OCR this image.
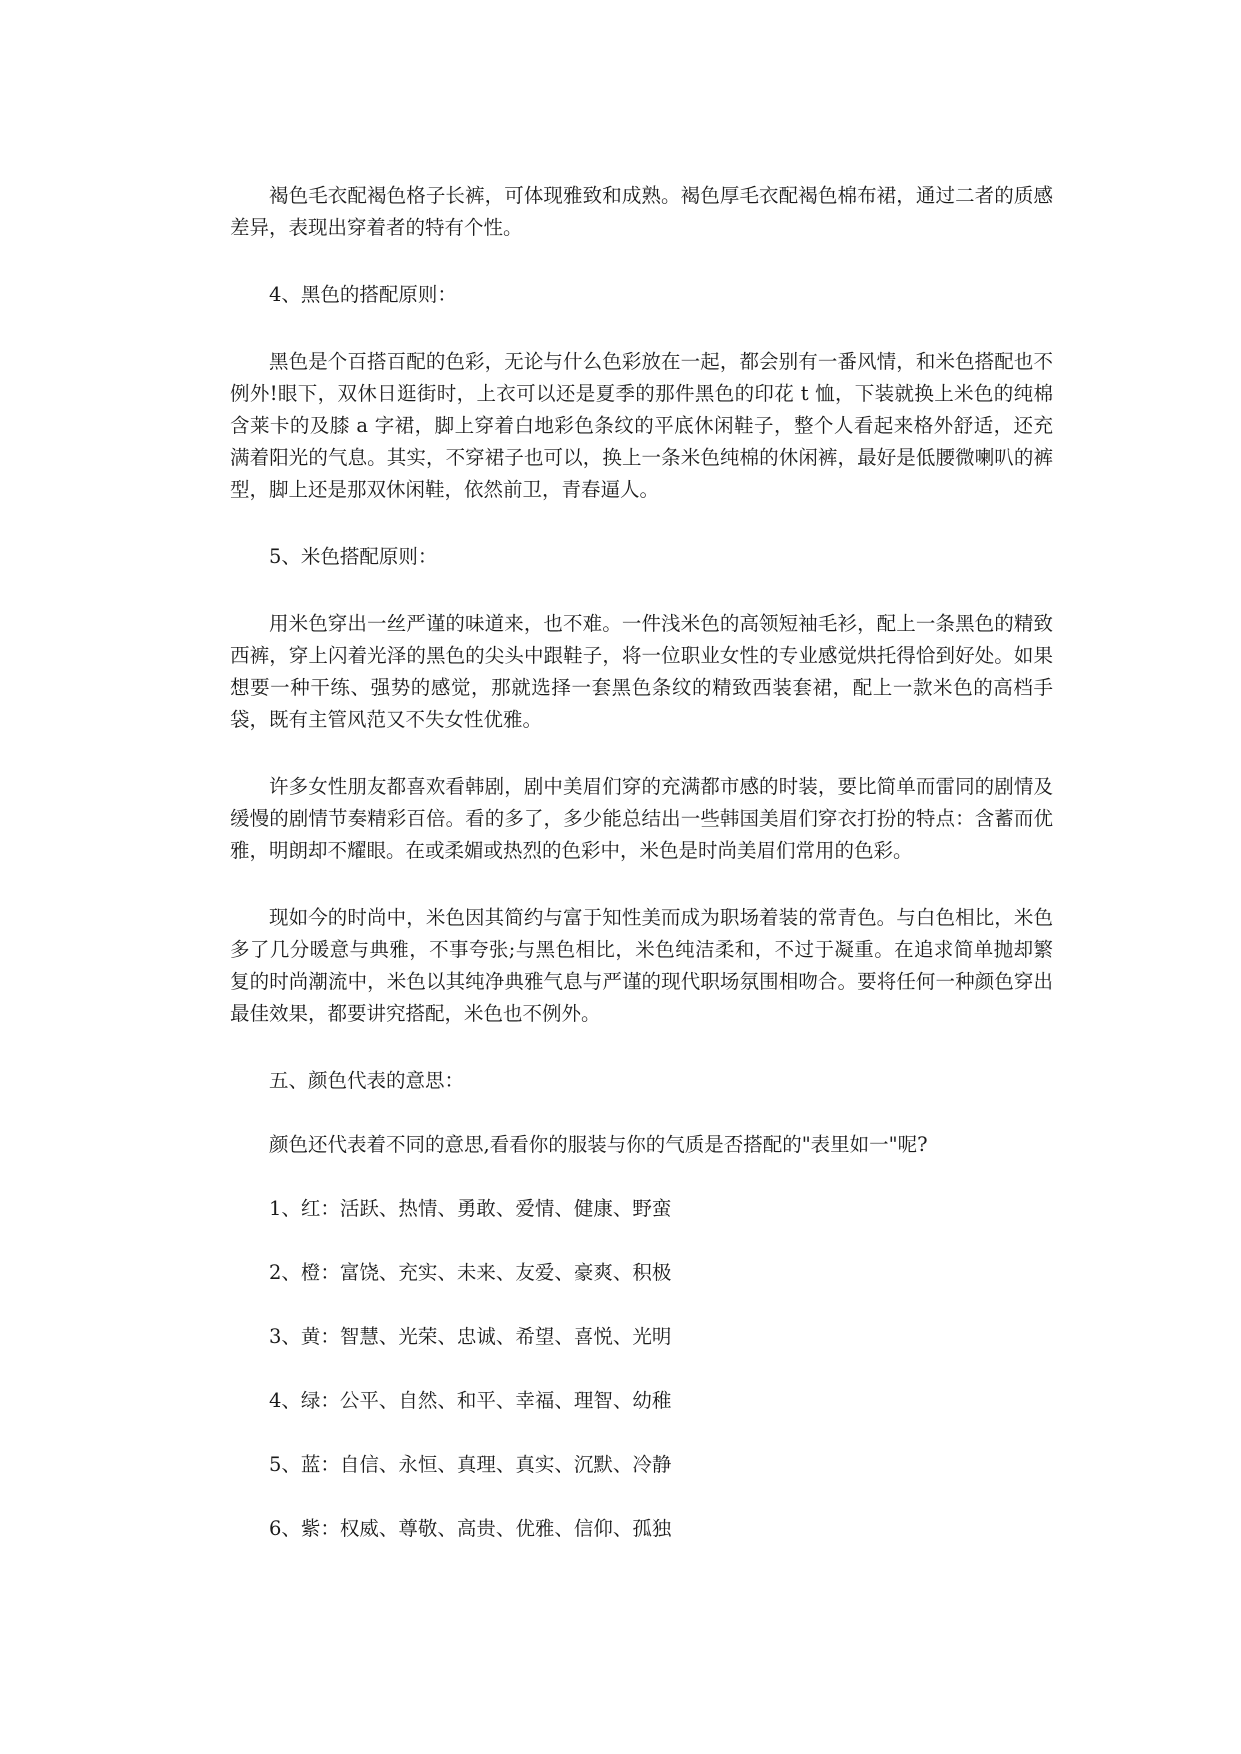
褐色毛衣配褐色格子长裤，可体现雅致和成熟。褐色厚毛衣配褐色棉布裙，通过二者的质感差异，表现出穿着者的特有个性。

4、黑色的搭配原则：

黑色是个百搭百配的色彩，无论与什么色彩放在一起，都会别有一番风情，和米色搭配也不例外!眼下，双休日逛街时，上衣可以还是夏季的那件黑色的印花 t 恤，下装就换上米色的纯棉含莱卡的及膝 a 字裙，脚上穿着白地彩色条纹的平底休闲鞋子，整个人看起来格外舒适，还充满着阳光的气息。其实，不穿裙子也可以，换上一条米色纯棉的休闲裤，最好是低腰微喇叭的裤型，脚上还是那双休闲鞋，依然前卫，青春逼人。

5、米色搭配原则：

用米色穿出一丝严谨的味道来，也不难。一件浅米色的高领短袖毛衫，配上一条黑色的精致西裤，穿上闪着光泽的黑色的尖头中跟鞋子，将一位职业女性的专业感觉烘托得恰到好处。如果想要一种干练、强势的感觉，那就选择一套黑色条纹的精致西装套裙，配上一款米色的高档手袋，既有主管风范又不失女性优雅。

许多女性朋友都喜欢看韩剧，剧中美眉们穿的充满都市感的时装，要比简单而雷同的剧情及缓慢的剧情节奏精彩百倍。看的多了，多少能总结出一些韩国美眉们穿衣打扮的特点：含蓄而优雅，明朗却不耀眼。在或柔媚或热烈的色彩中，米色是时尚美眉们常用的色彩。

现如今的时尚中，米色因其简约与富于知性美而成为职场着装的常青色。与白色相比，米色多了几分暖意与典雅，不事夸张;与黑色相比，米色纯洁柔和，不过于凝重。在追求简单抛却繁复的时尚潮流中，米色以其纯净典雅气息与严谨的现代职场氛围相吻合。要将任何一种颜色穿出最佳效果，都要讲究搭配，米色也不例外。

五、颜色代表的意思：

颜色还代表着不同的意思,看看你的服装与你的气质是否搭配的"表里如一"呢?

1、红：活跃、热情、勇敢、爱情、健康、野蛮

2、橙：富饶、充实、未来、友爱、豪爽、积极

3、黄：智慧、光荣、忠诚、希望、喜悦、光明

4、绿：公平、自然、和平、幸福、理智、幼稚

5、蓝：自信、永恒、真理、真实、沉默、冷静

6、紫：权威、尊敬、高贵、优雅、信仰、孤独
